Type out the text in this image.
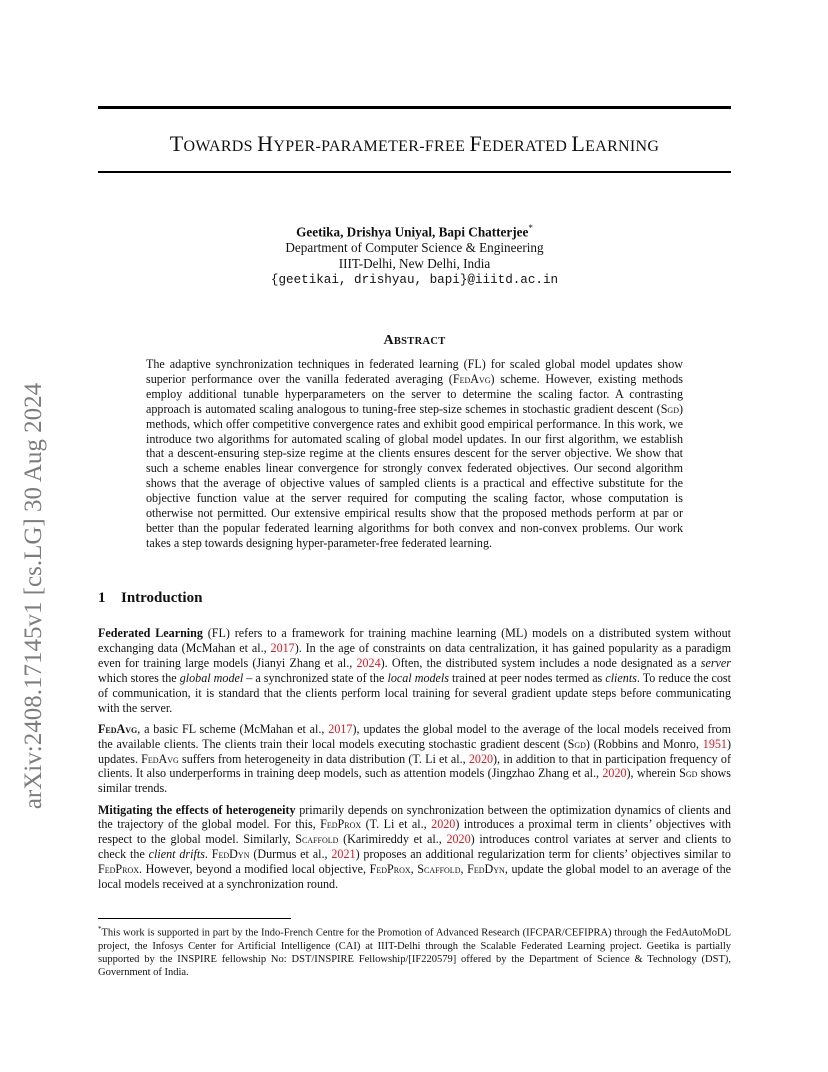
arXiv:2408.17145v1 [cs.LG] 30 Aug 2024
TOWARDS HYPER-PARAMETER-FREE FEDERATED LEARNING
Geetika, Drishya Uniyal, Bapi Chatterjee*
Department of Computer Science & Engineering
IIIT-Delhi, New Delhi, India
{geetikai, drishyau, bapi}@iiitd.ac.in
ABSTRACT
The adaptive synchronization techniques in federated learning (FL) for scaled global model updates show superior performance over the vanilla federated averaging (FedAvg) scheme. However, existing methods employ additional tunable hyperparameters on the server to determine the scaling factor. A contrasting approach is automated scaling analogous to tuning-free step-size schemes in stochastic gradient descent (Sgd) methods, which offer competitive convergence rates and exhibit good empirical performance. In this work, we introduce two algorithms for automated scaling of global model updates. In our first algorithm, we establish that a descent-ensuring step-size regime at the clients ensures descent for the server objective. We show that such a scheme enables linear convergence for strongly convex federated objectives. Our second algorithm shows that the average of objective values of sampled clients is a practical and effective substitute for the objective function value at the server required for computing the scaling factor, whose computation is otherwise not permitted. Our extensive empirical results show that the proposed methods perform at par or better than the popular federated learning algorithms for both convex and non-convex problems. Our work takes a step towards designing hyper-parameter-free federated learning.
1 Introduction

Federated Learning (FL) refers to a framework for training machine learning (ML) models on a distributed system without exchanging data (McMahan et al., 2017). In the age of constraints on data centralization, it has gained popularity as a paradigm even for training large models (Jianyi Zhang et al., 2024). Often, the distributed system includes a node designated as a server which stores the global model – a synchronized state of the local models trained at peer nodes termed as clients. To reduce the cost of communication, it is standard that the clients perform local training for several gradient update steps before communicating with the server.

FedAvg, a basic FL scheme (McMahan et al., 2017), updates the global model to the average of the local models received from the available clients. The clients train their local models executing stochastic gradient descent (Sgd) (Robbins and Monro, 1951) updates. FedAvg suffers from heterogeneity in data distribution (T. Li et al., 2020), in addition to that in participation frequency of clients. It also underperforms in training deep models, such as attention models (Jingzhao Zhang et al., 2020), wherein Sgd shows similar trends.

Mitigating the effects of heterogeneity primarily depends on synchronization between the optimization dynamics of clients and the trajectory of the global model. For this, FedProx (T. Li et al., 2020) introduces a proximal term in clients’ objectives with respect to the global model. Similarly, Scaffold (Karimireddy et al., 2020) introduces control variates at server and clients to check the client drifts. FedDyn (Durmus et al., 2021) proposes an additional regularization term for clients’ objectives similar to FedProx. However, beyond a modified local objective, FedProx, Scaffold, FedDyn, update the global model to an average of the local models received at a synchronization round.

*This work is supported in part by the Indo-French Centre for the Promotion of Advanced Research (IFCPAR/CEFIPRA) through the FedAutoMoDL project, the Infosys Center for Artificial Intelligence (CAI) at IIIT-Delhi through the Scalable Federated Learning project. Geetika is partially supported by the INSPIRE fellowship No: DST/INSPIRE Fellowship/[IF220579] offered by the Department of Science & Technology (DST), Government of India.
